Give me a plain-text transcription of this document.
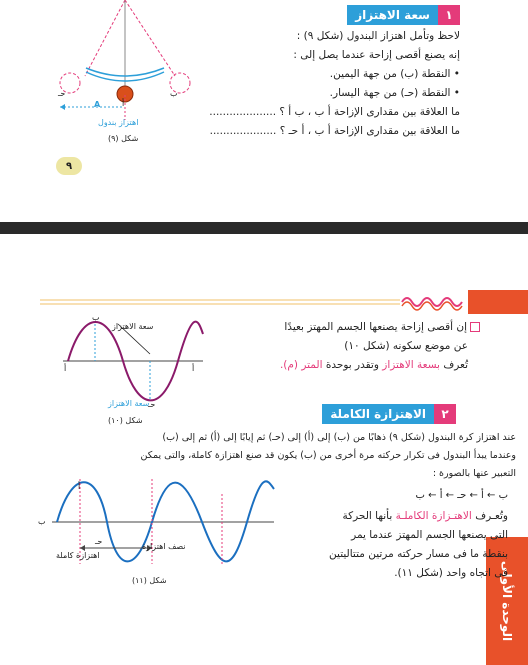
١
سعة الاهتزاز
لاحظ وتأمل اهتزاز البندول (شكل ٩) :
إنه يصنع أقصى إزاحة عندما يصل إلى :
• النقطة (ب) من جهة اليمين.
• النقطة (حـ) من جهة اليسار.
ما العلاقة بين مقدارى الإزاحة أ ب ، ب أ ؟ ....................
ما العلاقة بين مقدارى الإزاحة أ ب ، أ حـ ؟ ....................
أ
ب
حـ
A
اهتزاز بندول
شكل (٩)
٩
الوحدة الأولى
إن أقصى إزاحة يصنعها الجسم المهتز بعيدًا
عن موضع سكونه (شكل ١٠)
تُعرف بسعة الاهتزاز وتقدر بوحدة المتر (م).
سعة الاهتزاز
ب
أ	أ
حـ
سعة الاهتزاز
شكل (١٠)	٢
الاهتزازة الكاملة
عند اهتزاز كرة البندول (شكل ٩) ذهابًا من (ب) إلى (أ) إلى (حـ) ثم إيابًا إلى (أ) ثم إلى (ب)
وعندما يبدأ البندول فى تكرار حركته مرة أخرى من (ب) يكون قد صنع اهتزازة كاملة، والتى يمكن
التعبير عنها بالصورة :
ب ← أ ← حـ ← أ ← ب
وتُعـرف الاهتـزازة الكاملـة بأنها الحركة
التى يصنعها الجسم المهتز عندما يمر
بنقطة ما فى مسار حركته مرتين متتاليتين
فى اتجاه واحد (شكل ١١).
اهتزازة كاملة
نصف اهتزازة
أ
ب
حـ
شكل (١١)
